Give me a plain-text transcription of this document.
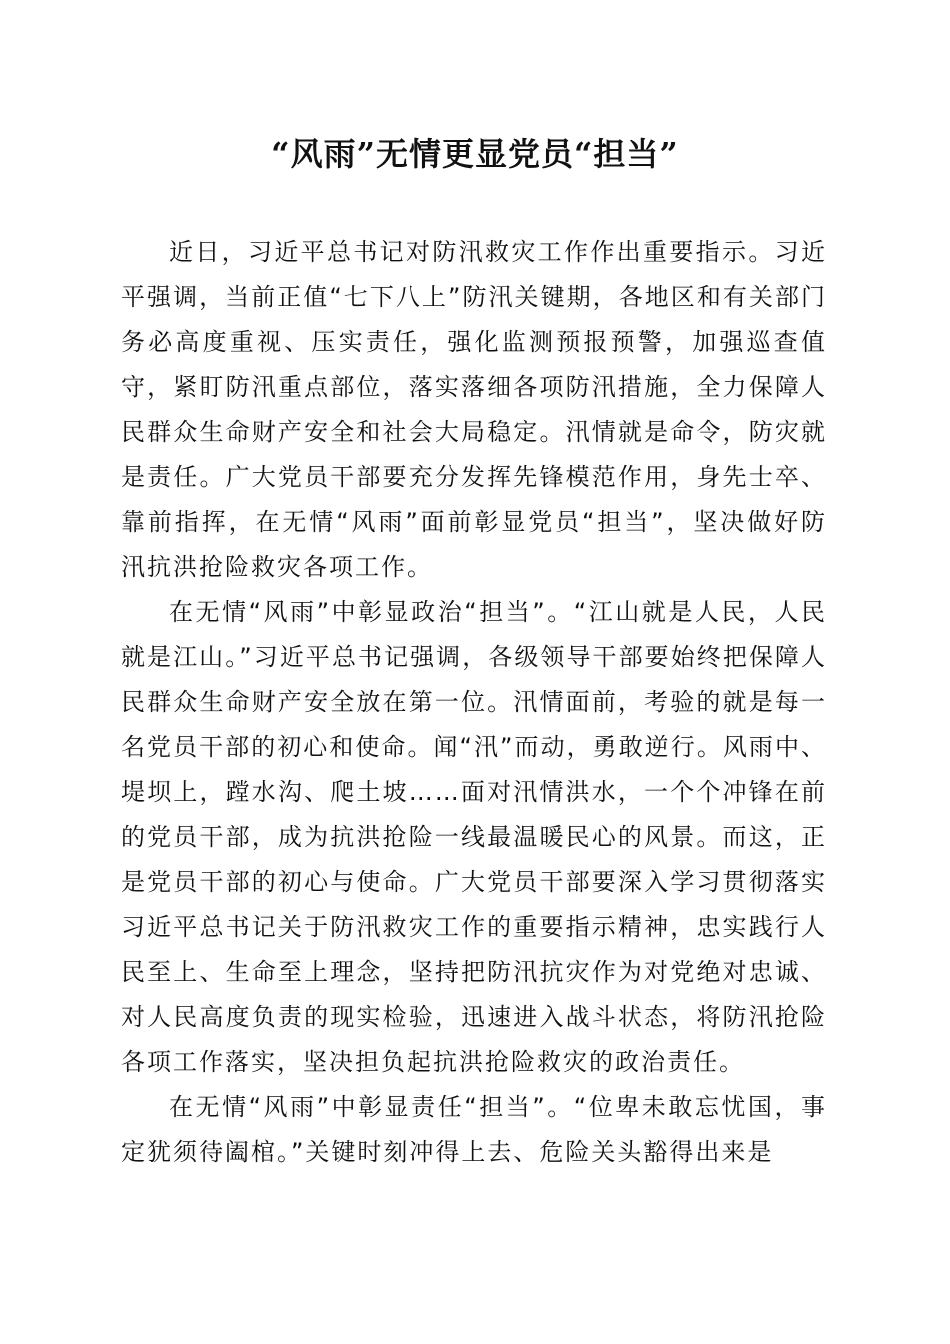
“风雨”无情更显党员“担当”

近日，习近平总书记对防汛救灾工作作出重要指示。习近平强调，当前正值“七下八上”防汛关键期，各地区和有关部门务必高度重视、压实责任，强化监测预报预警，加强巡查值守，紧盯防汛重点部位，落实落细各项防汛措施，全力保障人民群众生命财产安全和社会大局稳定。汛情就是命令，防灾就是责任。广大党员干部要充分发挥先锋模范作用，身先士卒、靠前指挥，在无情“风雨”面前彰显党员“担当”，坚决做好防汛抗洪抢险救灾各项工作。

在无情“风雨”中彰显政治“担当”。“江山就是人民，人民就是江山。”习近平总书记强调，各级领导干部要始终把保障人民群众生命财产安全放在第一位。汛情面前，考验的就是每一名党员干部的初心和使命。闻“汛”而动，勇敢逆行。风雨中、堤坝上，蹚水沟、爬土坡……面对汛情洪水，一个个冲锋在前的党员干部，成为抗洪抢险一线最温暖民心的风景。而这，正是党员干部的初心与使命。广大党员干部要深入学习贯彻落实习近平总书记关于防汛救灾工作的重要指示精神，忠实践行人民至上、生命至上理念，坚持把防汛抗灾作为对党绝对忠诚、对人民高度负责的现实检验，迅速进入战斗状态，将防汛抢险各项工作落实，坚决担负起抗洪抢险救灾的政治责任。

在无情“风雨”中彰显责任“担当”。“位卑未敢忘忧国，事定犹须待阖棺。”关键时刻冲得上去、危险关头豁得出来是
